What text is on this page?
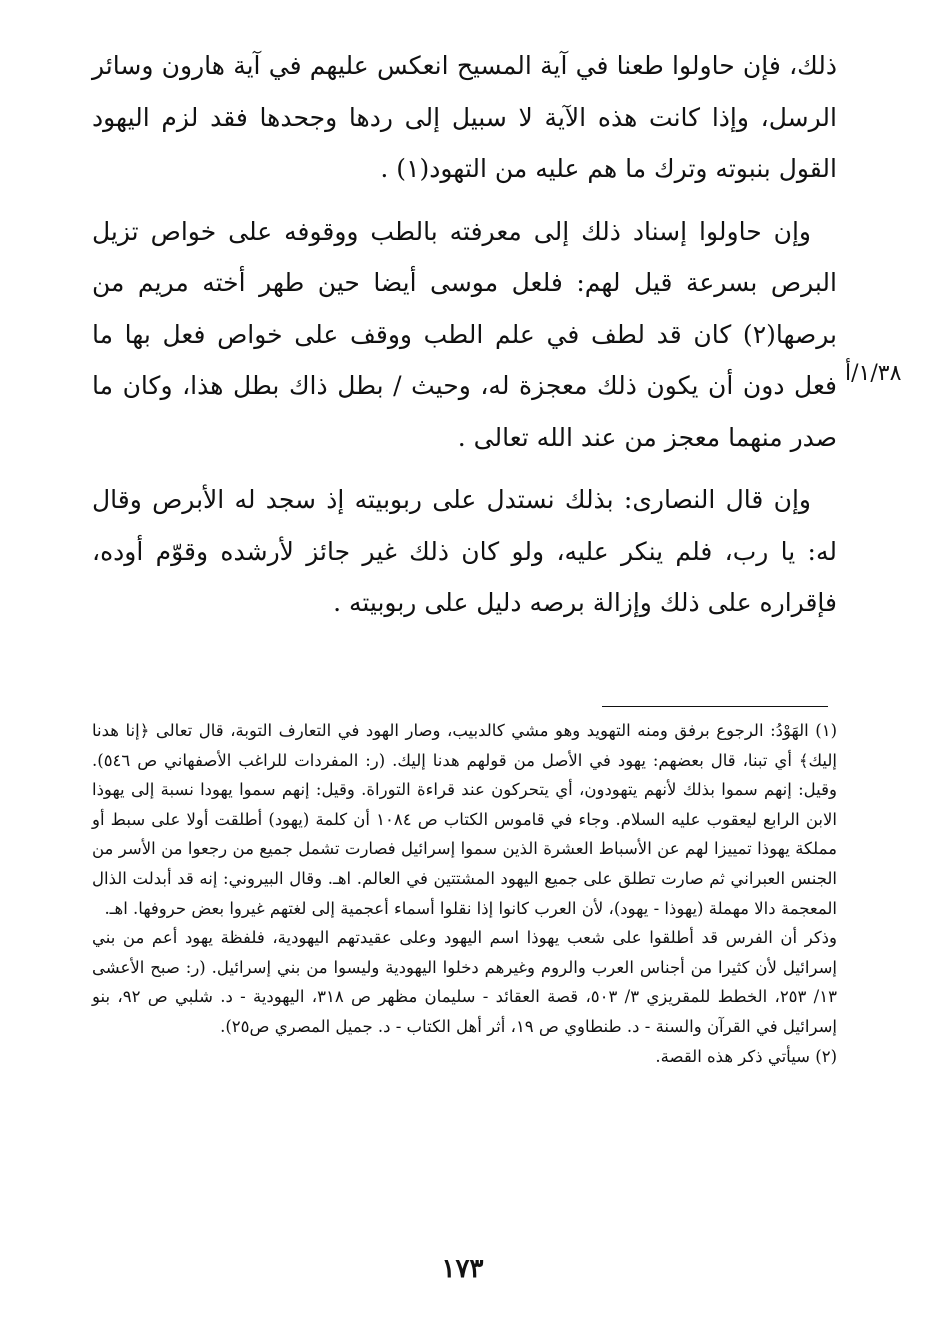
ذلك، فإن حاولوا طعنا في آية المسيح انعكس عليهم في آية هارون وسائر الرسل، وإذا كانت هذه الآية لا سبيل إلى ردها وجحدها فقد لزم اليهود القول بنبوته وترك ما هم عليه من التهود(١) .

وإن حاولوا إسناد ذلك إلى معرفته بالطب ووقوفه على خواص تزيل البرص بسرعة قيل لهم: فلعل موسى أيضا حين طهر أخته مريم من برصها(٢) كان قد لطف في علم الطب ووقف على خواص فعل بها ما فعل دون أن يكون ذلك معجزة له، وحيث / بطل ذاك بطل هذا، وكان ما صدر منهما معجز من عند الله تعالى .

وإن قال النصارى: بذلك نستدل على ربوبيته إذ سجد له الأبرص وقال له: يا رب، فلم ينكر عليه، ولو كان ذلك غير جائز لأرشده وقوّم أوده، فإقراره على ذلك وإزالة برصه دليل على ربوبيته .

١/٣٨/أ

(١) الهَوْدُ: الرجوع برفق ومنه التهويد وهو مشي كالدبيب، وصار الهود في التعارف التوبة، قال تعالى ﴿إنا هدنا إليك﴾ أي تبنا، قال بعضهم: يهود في الأصل من قولهم هدنا إليك. (ر: المفردات للراغب الأصفهاني ص ٥٤٦). وقيل: إنهم سموا بذلك لأنهم يتهودون، أي يتحركون عند قراءة التوراة. وقيل: إنهم سموا يهودا نسبة إلى يهوذا الابن الرابع ليعقوب عليه السلام. وجاء في قاموس الكتاب ص ١٠٨٤ أن كلمة (يهود) أطلقت أولا على سبط أو مملكة يهوذا تمييزا لهم عن الأسباط العشرة الذين سموا إسرائيل فصارت تشمل جميع من رجعوا من الأسر من الجنس العبراني ثم صارت تطلق على جميع اليهود المشتتين في العالم. اهـ. وقال البيروني: إنه قد أبدلت الذال المعجمة دالا مهملة (يهوذا - يهود)، لأن العرب كانوا إذا نقلوا أسماء أعجمية إلى لغتهم غيروا بعض حروفها. اهـ.

وذكر أن الفرس قد أطلقوا على شعب يهوذا اسم اليهود وعلى عقيدتهم اليهودية، فلفظة يهود أعم من بني إسرائيل لأن كثيرا من أجناس العرب والروم وغيرهم دخلوا اليهودية وليسوا من بني إسرائيل. (ر: صبح الأعشى ١٣/ ٢٥٣، الخطط للمقريزي ٣/ ٥٠٣، قصة العقائد - سليمان مظهر ص ٣١٨، اليهودية - د. شلبي ص ٩٢، بنو إسرائيل في القرآن والسنة - د. طنطاوي ص ١٩، أثر أهل الكتاب - د. جميل المصري ص٢٥).

(٢) سيأتي ذكر هذه القصة.

١٧٣
